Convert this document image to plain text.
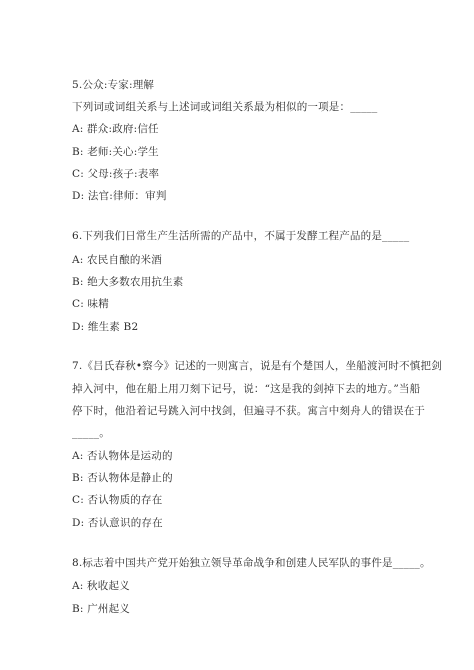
5.公众:专家:理解
下列词或词组关系与上述词或词组关系最为相似的一项是：_____
A: 群众:政府:信任
B: 老师:关心:学生
C: 父母:孩子:表率
D: 法官:律师：审判
6.下列我们日常生产生活所需的产品中，不属于发酵工程产品的是_____
A: 农民自酿的米酒
B: 绝大多数农用抗生素
C: 味精
D: 维生素 B2
7.《吕氏春秋•察今》记述的一则寓言，说是有个楚国人，坐船渡河时不慎把剑
掉入河中，他在船上用刀刻下记号，说：“这是我的剑掉下去的地方。”当船
停下时，他沿着记号跳入河中找剑，但遍寻不获。寓言中刻舟人的错误在于
_____。
A: 否认物体是运动的
B: 否认物体是静止的
C: 否认物质的存在
D: 否认意识的存在
8.标志着中国共产党开始独立领导革命战争和创建人民军队的事件是_____。
A: 秋收起义
B: 广州起义
